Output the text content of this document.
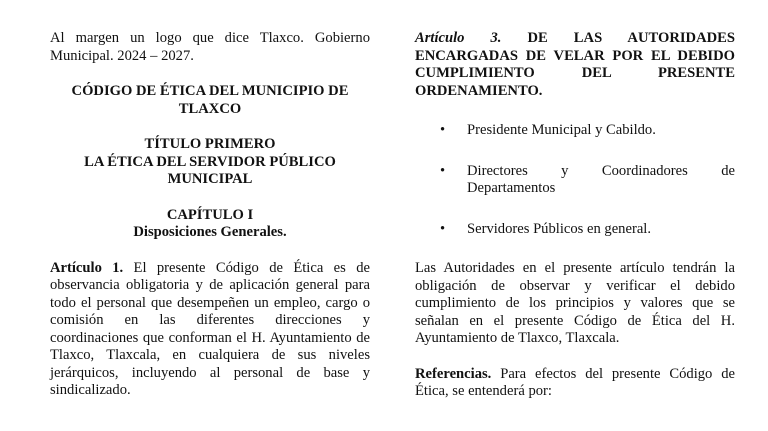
Al margen un logo que dice Tlaxco. Gobierno Municipal. 2024 – 2027.

CÓDIGO DE ÉTICA DEL MUNICIPIO DE

TLAXCO

TÍTULO PRIMERO

LA ÉTICA DEL SERVIDOR PÚBLICO

MUNICIPAL

CAPÍTULO I

Disposiciones Generales.

Artículo 1. El presente Código de Ética es de observancia obligatoria y de aplicación general para todo el personal que desempeñen un empleo, cargo o comisión en las diferentes direcciones y coordinaciones que conforman el H. Ayuntamiento de Tlaxco, Tlaxcala, en cualquiera de sus niveles jerárquicos, incluyendo al personal de base y sindicalizado.

Artículo 3. DE LAS AUTORIDADES ENCARGADAS DE VELAR POR EL DEBIDO CUMPLIMIENTO DEL PRESENTE ORDENAMIENTO.

• Presidente Municipal y Cabildo.
• Directores y Coordinadores de Departamentos
• Servidores Públicos en general.

Las Autoridades en el presente artículo tendrán la obligación de observar y verificar el debido cumplimiento de los principios y valores que se señalan en el presente Código de Ética del H. Ayuntamiento de Tlaxco, Tlaxcala.

Referencias. Para efectos del presente Código de Ética, se entenderá por:
